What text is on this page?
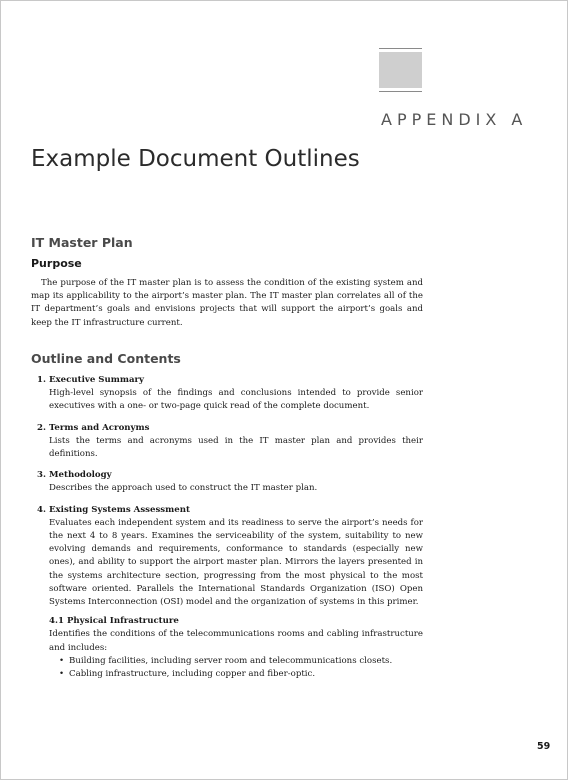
APPENDIX A
Example Document Outlines
IT Master Plan
Purpose

The purpose of the IT master plan is to assess the condition of the existing system and map its applicability to the airport’s master plan. The IT master plan correlates all of the IT department’s goals and envisions projects that will support the airport’s goals and keep the IT infrastructure current.

Outline and Contents
1. Executive Summary
High-level synopsis of the findings and conclusions intended to provide senior executives with a one- or two-page quick read of the complete document.
2. Terms and Acronyms
Lists the terms and acronyms used in the IT master plan and provides their definitions.
3. Methodology
Describes the approach used to construct the IT master plan.
4. Existing Systems Assessment
Evaluates each independent system and its readiness to serve the airport’s needs for the next 4 to 8 years. Examines the serviceability of the system, suitability to new evolving demands and requirements, conformance to standards (especially new ones), and ability to support the airport master plan. Mirrors the layers presented in the systems architecture section, progressing from the most physical to the most software oriented. Parallels the International Standards Organization (ISO) Open Systems Interconnection (OSI) model and the organization of systems in this primer.
4.1 Physical Infrastructure
Identifies the conditions of the telecommunications rooms and cabling infrastructure and includes:
• Building facilities, including server room and telecommunications closets.
• Cabling infrastructure, including copper and fiber-optic.
59
